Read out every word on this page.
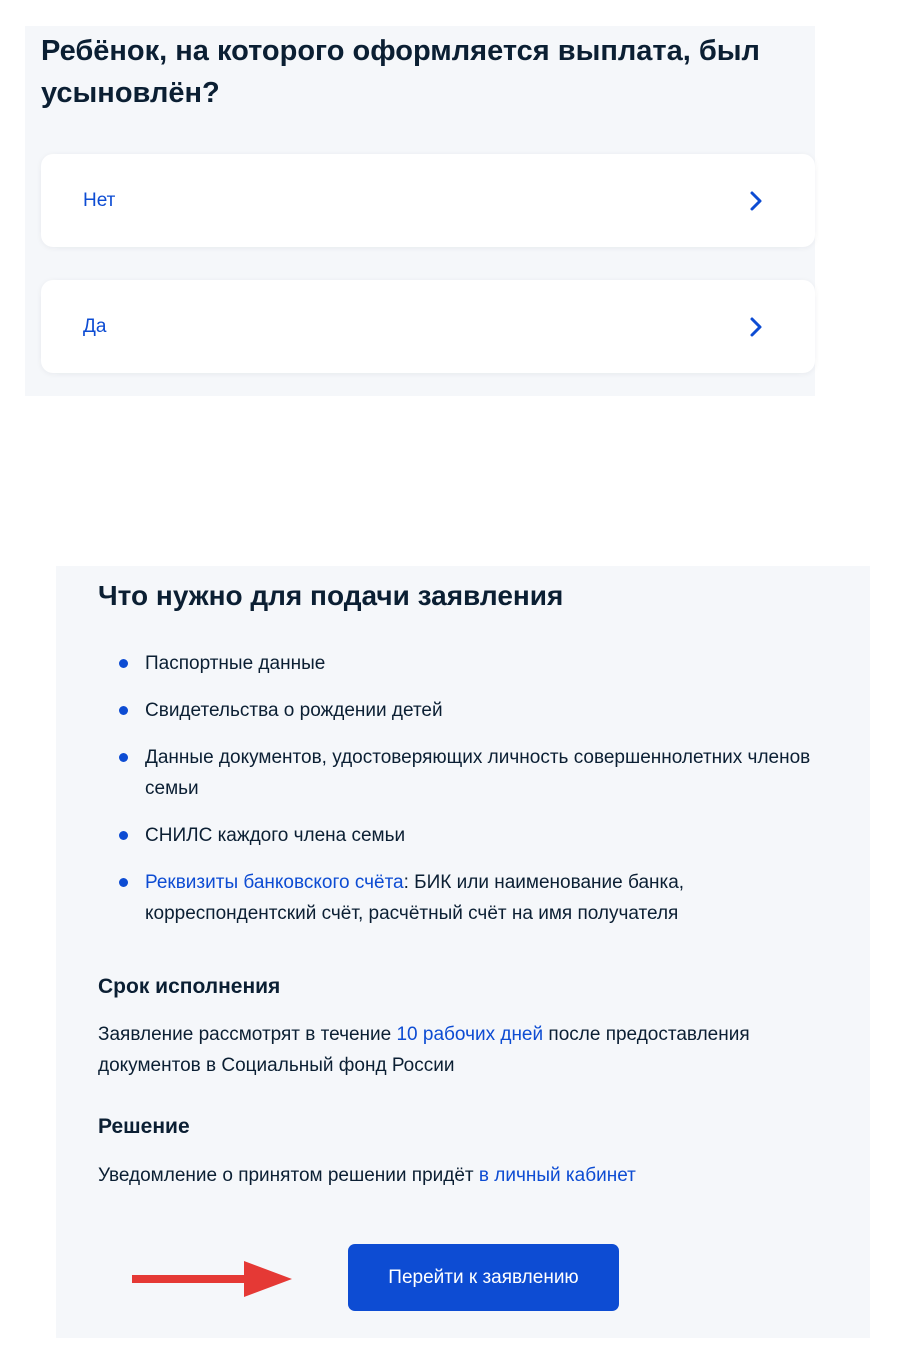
Ребёнок, на которого оформляется выплата, был усыновлён?
Нет
Да
Что нужно для подачи заявления
Паспортные данные
Свидетельства о рождении детей
Данные документов, удостоверяющих личность совершеннолетних членов семьи
СНИЛС каждого члена семьи
Реквизиты банковского счёта: БИК или наименование банка, корреспондентский счёт, расчётный счёт на имя получателя
Срок исполнения

Заявление рассмотрят в течение 10 рабочих дней после предоставления документов в Социальный фонд России

Решение

Уведомление о принятом решении придёт в личный кабинет

Перейти к заявлению
